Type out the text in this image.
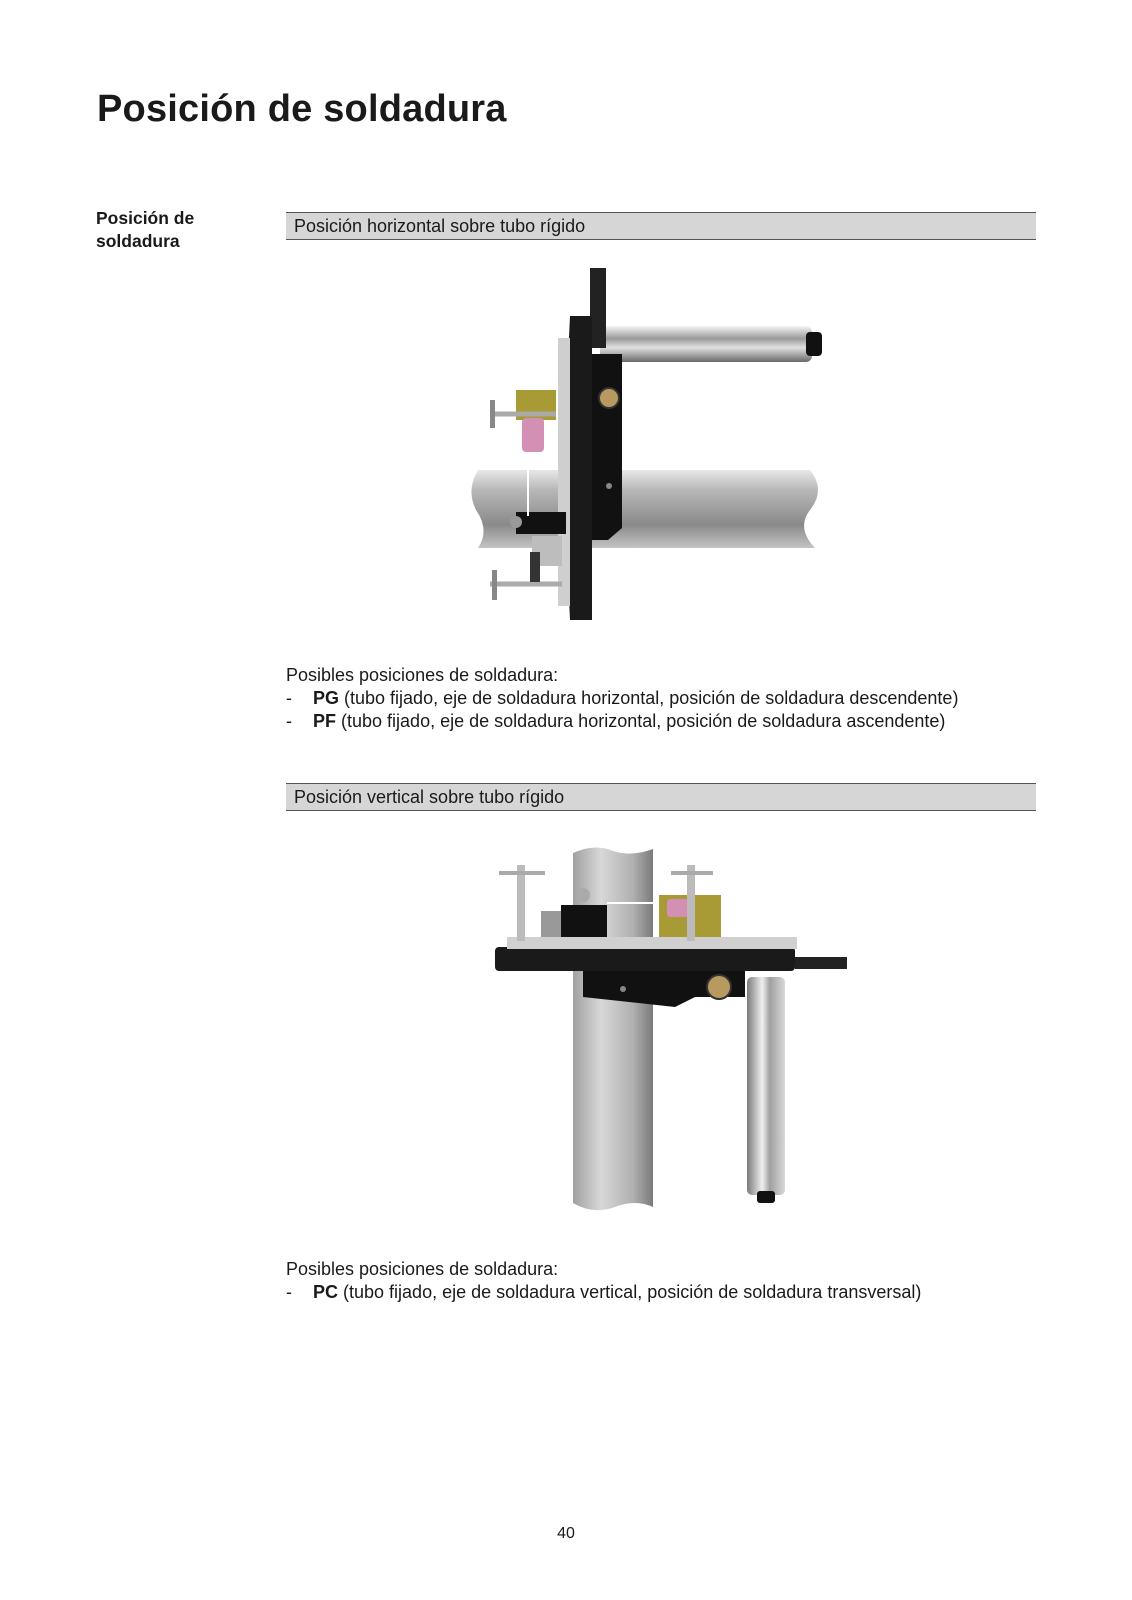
Posición de soldadura
Posición de soldadura
Posición horizontal sobre tubo rígido
Posibles posiciones de soldadura:
- PG (tubo fijado, eje de soldadura horizontal, posición de soldadura descendente)
- PF (tubo fijado, eje de soldadura horizontal, posición de soldadura ascendente)
Posición vertical sobre tubo rígido
Posibles posiciones de soldadura:
- PC (tubo fijado, eje de soldadura vertical, posición de soldadura transversal)
40
